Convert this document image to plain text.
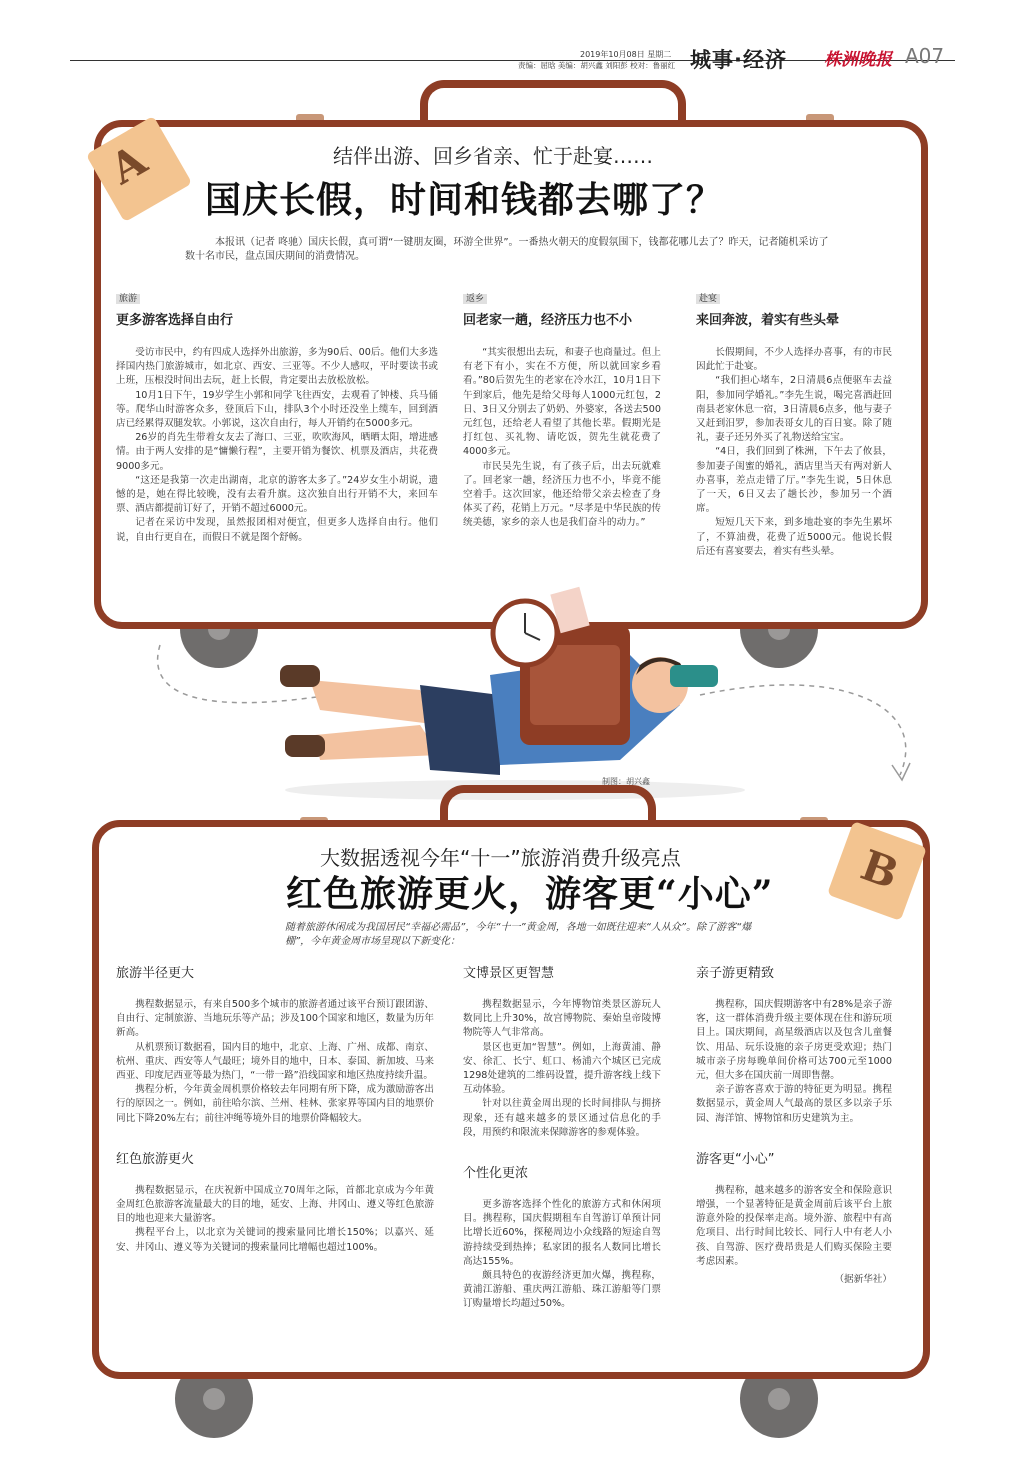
2019年10月08日 星期二
责编：屈晗 美编：胡兴鑫 刘阳彭 校对：鲁丽红 城事·经济 株洲晚报 A07
A	结伴出游、回乡省亲、忙于赴宴……
国庆长假，时间和钱都去哪了？
本报讯（记者 咚驰）国庆长假，真可谓“一键朋友圈，环游全世界”。一番热火朝天的度假氛围下，钱都花哪儿去了？昨天，记者随机采访了数十名市民，盘点国庆期间的消费情况。
旅游
更多游客选择自由行

受访市民中，约有四成人选择外出旅游，多为90后、00后。他们大多选择国内热门旅游城市，如北京、西安、三亚等。不少人感叹，平时要读书或上班，压根没时间出去玩，赶上长假，肯定要出去放松放松。

10月1日下午，19岁学生小郭和同学飞往西安，去观看了钟楼、兵马俑等。爬华山时游客众多，登顶后下山，排队3个小时还没坐上缆车，回到酒店已经累得双腿发软。小郭说，这次自由行，每人开销约在5000多元。

26岁的肖先生带着女友去了海口、三亚，吹吹海风，晒晒太阳，增进感情。由于两人安排的是“慵懒行程”，主要开销为餐饮、机票及酒店，共花费9000多元。

“这还是我第一次走出湖南，北京的游客太多了。”24岁女生小胡说，遗憾的是，她在得比较晚，没有去看升旗。这次独自出行开销不大，来回车票、酒店都提前订好了，开销不超过6000元。

记者在采访中发现，虽然报团相对便宜，但更多人选择自由行。他们说，自由行更自在，而假日不就是图个舒畅。

返乡
回老家一趟，经济压力也不小

“其实很想出去玩，和妻子也商量过。但上有老下有小，实在不方便，所以就回家乡看看。”80后贺先生的老家在冷水江，10月1日下午到家后，他先是给父母每人1000元红包，2日、3日又分别去了奶奶、外婆家，各送去500元红包，还给老人看望了其他长辈。假期光是打红包、买礼物、请吃饭，贺先生就花费了4000多元。

市民吴先生说，有了孩子后，出去玩就难了。回老家一趟，经济压力也不小，毕竟不能空着手。这次回家，他还给带父亲去检查了身体买了药，花销上万元。“尽孝是中华民族的传统美德，家乡的亲人也是我们奋斗的动力。”

赴宴
来回奔波，着实有些头晕

长假期间，不少人选择办喜事，有的市民因此忙于赴宴。

“我们担心堵车，2日清晨6点便驱车去益阳，参加同学婚礼。”李先生说，喝完喜酒赶回南县老家休息一宿，3日清晨6点多，他与妻子又赶到汨罗，参加表哥女儿的百日宴。除了随礼，妻子还另外买了礼物送给宝宝。

“4日，我们回到了株洲，下午去了攸县，参加妻子闺蜜的婚礼，酒店里当天有两对新人办喜事，差点走错了厅。”李先生说，5日休息了一天，6日又去了趟长沙，参加另一个酒席。

短短几天下来，到多地赴宴的李先生累坏了，不算油费，花费了近5000元。他说长假后还有喜宴要去，着实有些头晕。

制图：胡兴鑫
B
大数据透视今年“十一”旅游消费升级亮点
红色旅游更火，游客更“小心”
随着旅游休闲成为我国居民“幸福必需品”，今年“十一”黄金周，各地一如既往迎来“人从众”。除了游客“爆棚”，今年黄金周市场呈现以下新变化：
旅游半径更大

携程数据显示，有来自500多个城市的旅游者通过该平台预订跟团游、自由行、定制旅游、当地玩乐等产品；涉及100个国家和地区，数量为历年新高。

从机票预订数据看，国内目的地中，北京、上海、广州、成都、南京、杭州、重庆、西安等人气最旺；境外目的地中，日本、泰国、新加坡、马来西亚、印度尼西亚等最为热门，“一带一路”沿线国家和地区热度持续升温。

携程分析，今年黄金周机票价格较去年同期有所下降，成为激励游客出行的原因之一。例如，前往哈尔滨、兰州、桂林、张家界等国内目的地票价同比下降20%左右；前往冲绳等境外目的地票价降幅较大。

红色旅游更火

携程数据显示，在庆祝新中国成立70周年之际，首都北京成为今年黄金周红色旅游客流量最大的目的地，延安、上海、井冈山、遵义等红色旅游目的地也迎来大量游客。

携程平台上，以北京为关键词的搜索量同比增长150%；以嘉兴、延安、井冈山、遵义等为关键词的搜索量同比增幅也超过100%。

文博景区更智慧

携程数据显示，今年博物馆类景区游玩人数同比上升30%，故宫博物院、秦始皇帝陵博物院等人气非常高。

景区也更加“智慧”。例如，上海黄浦、静安、徐汇、长宁、虹口、杨浦六个城区已完成1298处建筑的二维码设置，提升游客线上线下互动体验。

针对以往黄金周出现的长时间排队与拥挤现象，还有越来越多的景区通过信息化的手段，用预约和限流来保障游客的参观体验。

个性化更浓

更多游客选择个性化的旅游方式和休闲项目。携程称，国庆假期租车自驾游订单预计同比增长近60%，探秘周边小众线路的短途自驾游持续受到热捧；私家团的报名人数同比增长高达155%。

颇具特色的夜游经济更加火爆，携程称，黄浦江游船、重庆两江游船、珠江游船等门票订购量增长均超过50%。

亲子游更精致

携程称，国庆假期游客中有28%是亲子游客，这一群体消费升级主要体现在住和游玩项目上。国庆期间，高星级酒店以及包含儿童餐饮、用品、玩乐设施的亲子房更受欢迎；热门城市亲子房每晚单间价格可达700元至1000元，但大多在国庆前一周即售罄。

亲子游客喜欢于游的特征更为明显。携程数据显示，黄金周人气最高的景区多以亲子乐园、海洋馆、博物馆和历史建筑为主。

游客更“小心”

携程称，越来越多的游客安全和保险意识增强，一个显著特征是黄金周前后该平台上旅游意外险的投保率走高。境外游、旅程中有高危项目、出行时间比较长、同行人中有老人小孩、自驾游、医疗费昂贵是人们购买保险主要考虑因素。

（据新华社）
